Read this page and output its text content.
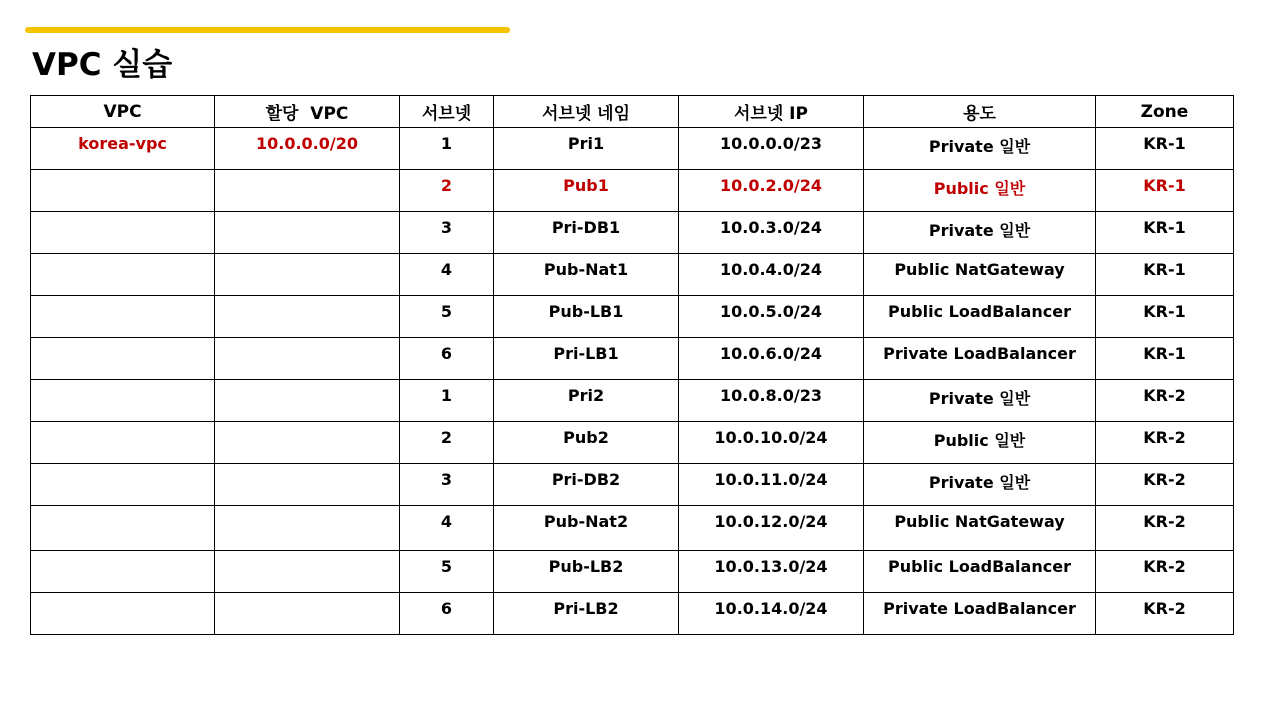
VPC 실습
VPC	할당  VPC	서브넷	서브넷 네임	서브넷 IP	용도	Zone
korea-vpc	10.0.0.0/20	1	Pri1	10.0.0.0/23	Private 일반	KR-1
		2	Pub1	10.0.2.0/24	Public 일반	KR-1
		3	Pri-DB1	10.0.3.0/24	Private 일반	KR-1
		4	Pub-Nat1	10.0.4.0/24	Public NatGateway	KR-1
		5	Pub-LB1	10.0.5.0/24	Public LoadBalancer	KR-1
		6	Pri-LB1	10.0.6.0/24	Private LoadBalancer	KR-1
		1	Pri2	10.0.8.0/23	Private 일반	KR-2
		2	Pub2	10.0.10.0/24	Public 일반	KR-2
		3	Pri-DB2	10.0.11.0/24	Private 일반	KR-2
		4	Pub-Nat2	10.0.12.0/24	Public NatGateway	KR-2
		5	Pub-LB2	10.0.13.0/24	Public LoadBalancer	KR-2
		6	Pri-LB2	10.0.14.0/24	Private LoadBalancer	KR-2
